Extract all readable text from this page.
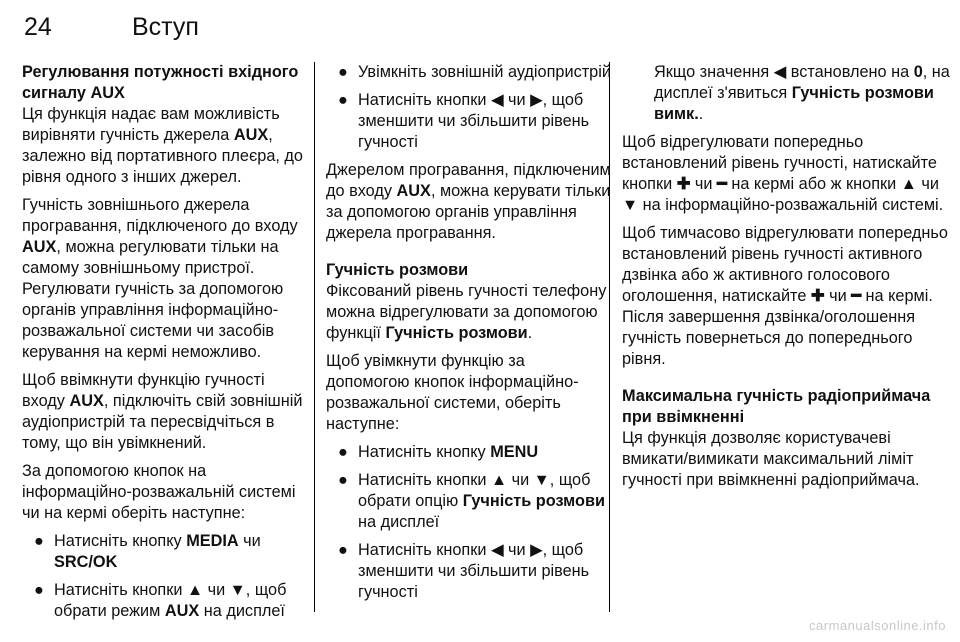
24	Вступ

Регулювання потужності вхідного сигналу AUX

Ця функція надає вам можливість вирівняти гучність джерела AUX, залежно від портативного плеєра, до рівня одного з інших джерел.

Гучність зовнішнього джерела програвання, підключеного до входу AUX, можна регулювати тільки на самому зовнішньому пристрої. Регулювати гучність за допомогою органів управління інформаційно-розважальної системи чи засобів керування на кермі неможливо.

Щоб ввімкнути функцію гучності входу AUX, підключіть свій зовнішній аудіопристрій та пересвідчіться в тому, що він увімкнений.

За допомогою кнопок на інформаційно-розважальній системі чи на кермі оберіть наступне:

● Натисніть кнопку MEDIA чи SRC/OK
● Натисніть кнопки ▲ чи ▼, щоб обрати режим AUX на дисплеї
● Увімкніть зовнішній аудіопристрій
● Натисніть кнопки ◀ чи ▶, щоб зменшити чи збільшити рівень гучності

Джерелом програвання, підключеним до входу AUX, можна керувати тільки за допомогою органів управління джерела програвання.

Гучність розмови

Фіксований рівень гучності телефону можна відрегулювати за допомогою функції Гучність розмови.

Щоб увімкнути функцію за допомогою кнопок інформаційно-розважальної системи, оберіть наступне:

● Натисніть кнопку MENU
● Натисніть кнопки ▲ чи ▼, щоб обрати опцію Гучність розмови на дисплеї
● Натисніть кнопки ◀ чи ▶, щоб зменшити чи збільшити рівень гучності

Якщо значення ◀ встановлено на 0, на дисплеї з'явиться Гучність розмови вимк..

Щоб відрегулювати попередньо встановлений рівень гучності, натискайте кнопки ✚ чи ━ на кермі або ж кнопки ▲ чи ▼ на інформаційно-розважальній системі.

Щоб тимчасово відрегулювати попередньо встановлений рівень гучності активного дзвінка або ж активного голосового оголошення, натискайте ✚ чи ━ на кермі. Після завершення дзвінка/оголошення гучність повернеться до попереднього рівня.

Максимальна гучність радіоприймача при ввімкненні

Ця функція дозволяє користувачеві вмикати/вимикати максимальний ліміт гучності при ввімкненні радіоприймача.

carmanualsonline.info
